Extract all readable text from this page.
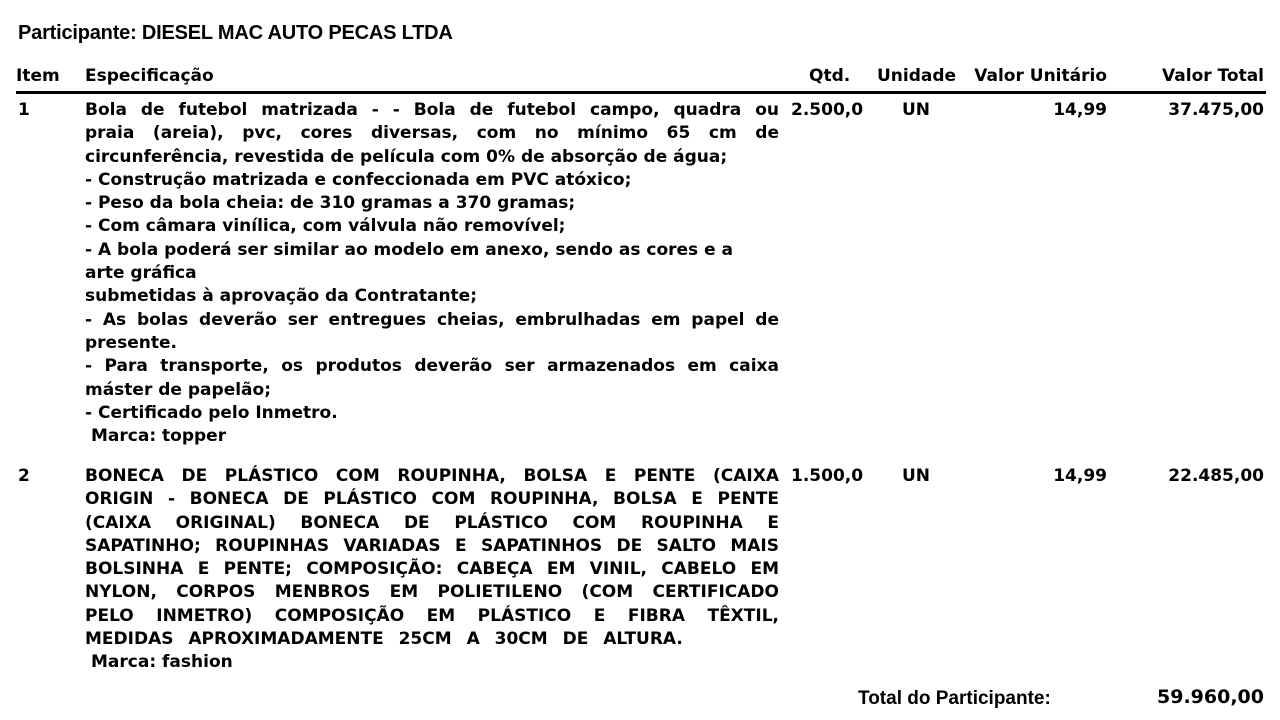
Participante: DIESEL MAC AUTO PECAS LTDA
Item Especificação	Qtd. Unidade Valor Unitário	Valor Total
1	Bola de futebol matrizada - - Bola de futebol campo, quadra ou
praia (areia), pvc, cores diversas, com no mínimo 65 cm de
circunferência, revestida de película com 0% de absorção de água;
- Construção matrizada e confeccionada em PVC atóxico;
- Peso da bola cheia: de 310 gramas a 370 gramas;
- Com câmara vinílica, com válvula não removível;
- A bola poderá ser similar ao modelo em anexo, sendo as cores e a
arte gráfica
submetidas à aprovação da Contratante;
- As bolas deverão ser entregues cheias, embrulhadas em papel de
presente.
- Para transporte, os produtos deverão ser armazenados em caixa
máster de papelão;
- Certificado pelo Inmetro.
Marca: topper
2.500,0 UN	14,99	37.475,00
2	BONECA DE PLÁSTICO COM ROUPINHA, BOLSA E PENTE (CAIXA
ORIGIN - BONECA DE PLÁSTICO COM ROUPINHA, BOLSA E PENTE
(CAIXA ORIGINAL) BONECA DE PLÁSTICO COM ROUPINHA E
SAPATINHO; ROUPINHAS VARIADAS E SAPATINHOS DE SALTO MAIS
BOLSINHA E PENTE; COMPOSIÇÃO: CABEÇA EM VINIL, CABELO EM
NYLON, CORPOS MENBROS EM POLIETILENO (COM CERTIFICADO
PELO INMETRO) COMPOSIÇÃO EM PLÁSTICO E FIBRA TÊXTIL,
MEDIDAS APROXIMADAMENTE 25CM A 30CM DE ALTURA.
Marca: fashion
1.500,0 UN	14,99	22.485,00
Total do Participante:	59.960,00
